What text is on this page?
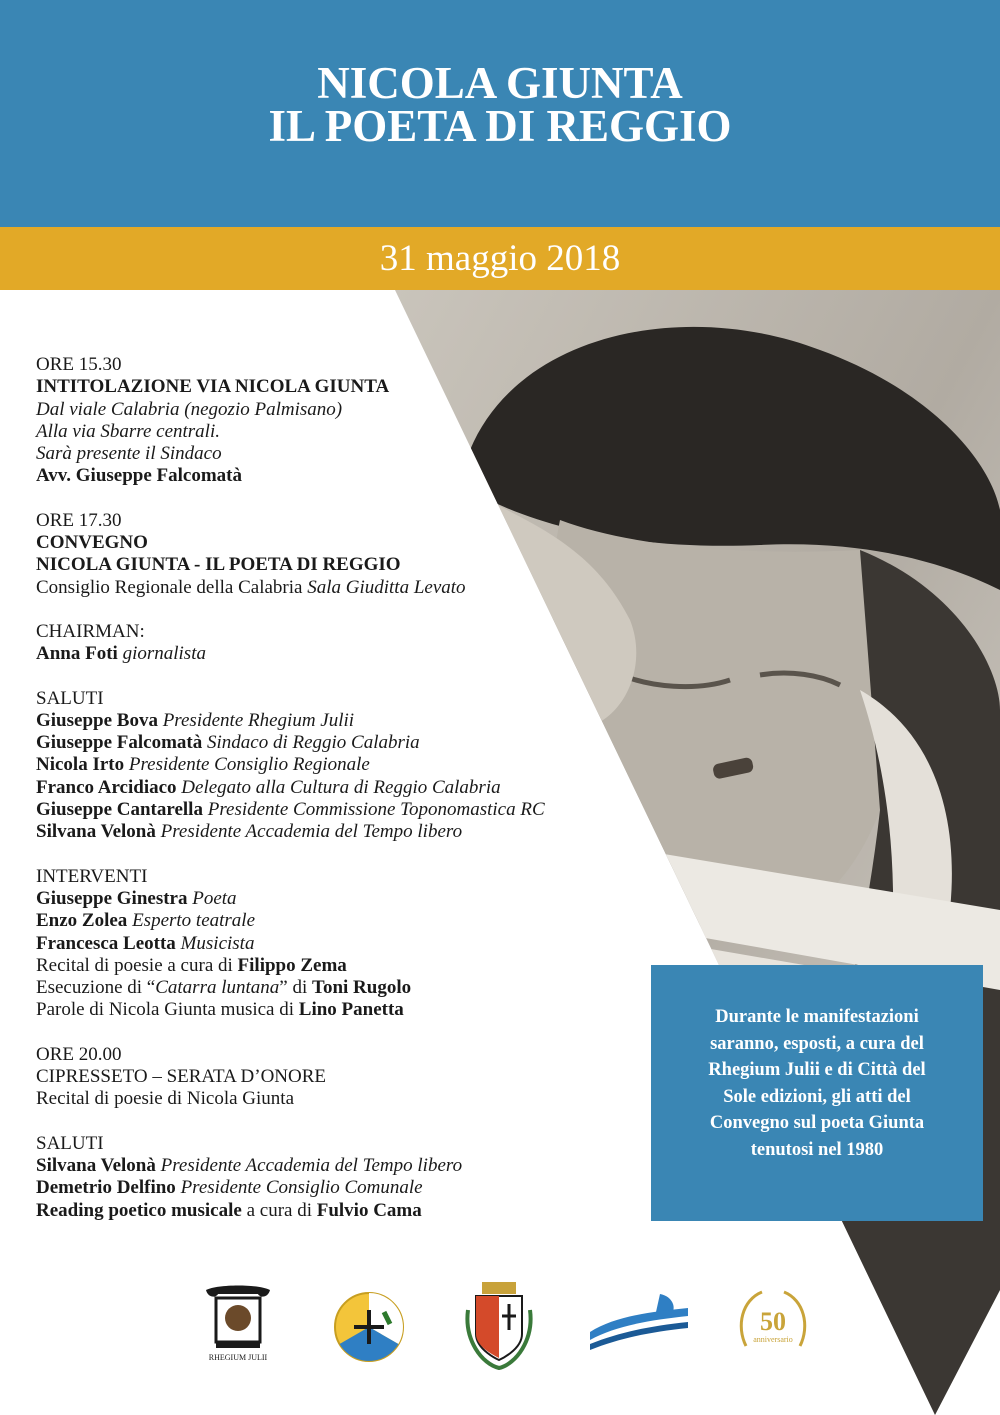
NICOLA GIUNTA
IL POETA DI REGGIO
31 maggio 2018
ORE 15.30
INTITOLAZIONE VIA NICOLA GIUNTA
Dal viale Calabria (negozio Palmisano)
Alla via Sbarre centrali.
Sarà presente il Sindaco
Avv. Giuseppe Falcomatà
ORE 17.30
CONVEGNO
NICOLA GIUNTA - IL POETA DI REGGIO
Consiglio Regionale della Calabria Sala Giuditta Levato
CHAIRMAN:
Anna Foti giornalista
SALUTI
Giuseppe Bova Presidente Rhegium Julii
Giuseppe Falcomatà Sindaco di Reggio Calabria
Nicola Irto Presidente Consiglio Regionale
Franco Arcidiaco Delegato alla Cultura di Reggio Calabria
Giuseppe Cantarella Presidente Commissione Toponomastica RC
Silvana Velonà Presidente Accademia del Tempo libero
INTERVENTI
Giuseppe Ginestra Poeta
Enzo Zolea Esperto teatrale
Francesca Leotta Musicista
Recital di poesie a cura di Filippo Zema
Esecuzione di “Catarra luntana” di Toni Rugolo
Parole di Nicola Giunta musica di Lino Panetta
ORE 20.00
CIPRESSETO – SERATA D’ONORE
Recital di poesie di Nicola Giunta
SALUTI
Silvana Velonà Presidente Accademia del Tempo libero
Demetrio Delfino Presidente Consiglio Comunale
Reading poetico musicale a cura di Fulvio Cama
Durante le manifestazioni
saranno, esposti, a cura del
Rhegium Julii e di Città del
Sole edizioni, gli atti del
Convegno sul poeta Giunta
tenutosi nel 1980
RHEGIUM JULII
50
anniversario
